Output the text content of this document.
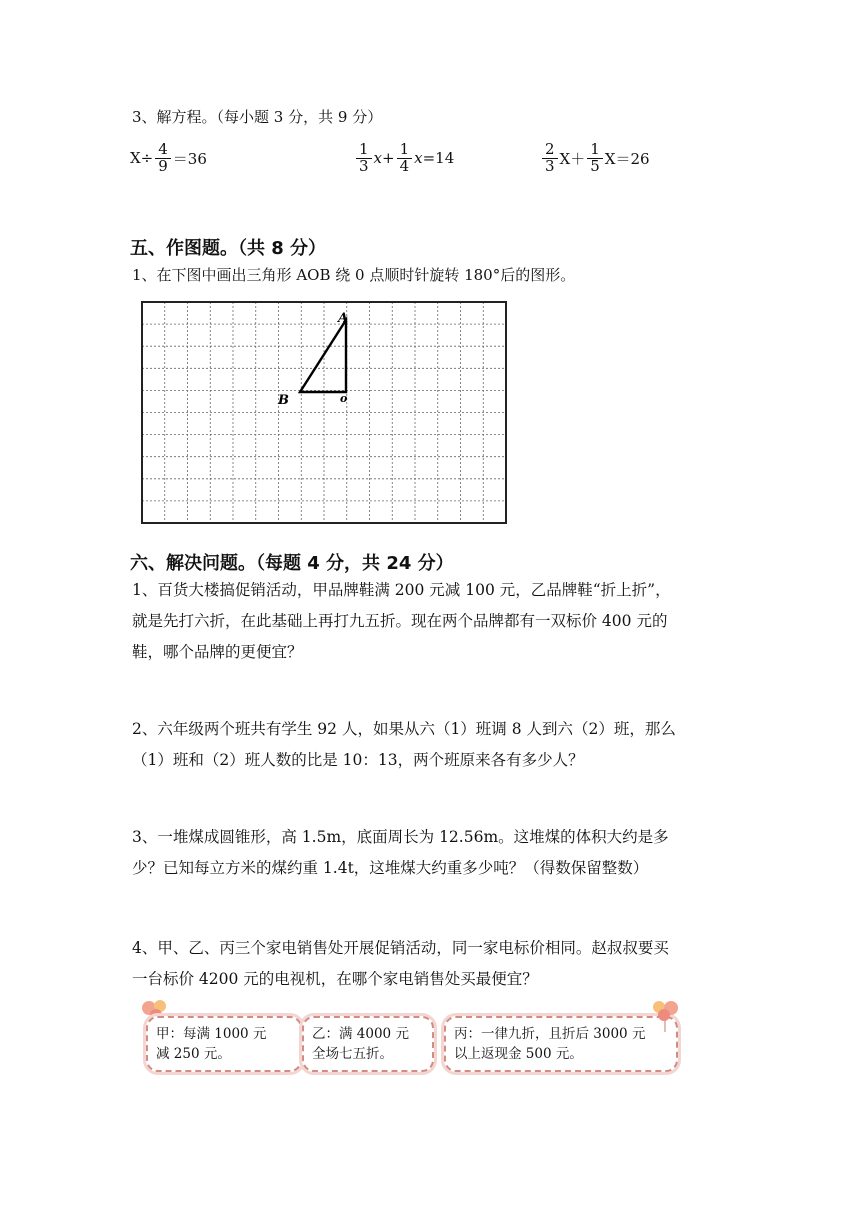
3、解方程。（每小题 3 分，共 9 分）
$X\div \frac{4}{9} =36$	$\frac{1}{3}$ $x + \frac{1}{4}$ x =14	$\frac{2}{3} X+ \frac{1}{5} X=26$
五、作图题。（共 8 分）
1、在下图中画出三角形 AOB 绕 0 点顺时针旋转 180°后的图形。
A
B	o
六、解决问题。（每题 4 分，共 24 分）
1、百货大楼搞促销活动，甲品牌鞋满 200 元减 100 元，乙品牌鞋“折上折”，
就是先打六折，在此基础上再打九五折。现在两个品牌都有一双标价 400 元的
鞋，哪个品牌的更便宜？
2、六年级两个班共有学生 92 人，如果从六（1）班调 8 人到六（2）班，那么
（1）班和（2）班人数的比是 10：13，两个班原来各有多少人？
3、一堆煤成圆锥形，高 1.5m，底面周长为 12.56m。这堆煤的体积大约是多
少？已知每立方米的煤约重 1.4t，这堆煤大约重多少吨？（得数保留整数）
4、甲、乙、丙三个家电销售处开展促销活动，同一家电标价相同。赵叔叔要买
一台标价 4200 元的电视机，在哪个家电销售处买最便宜？
甲：每满 1000 元
减 250 元。
乙：满 4000 元
全场七五折。
丙：一律九折，且折后 3000 元
以上返现金 500 元。
